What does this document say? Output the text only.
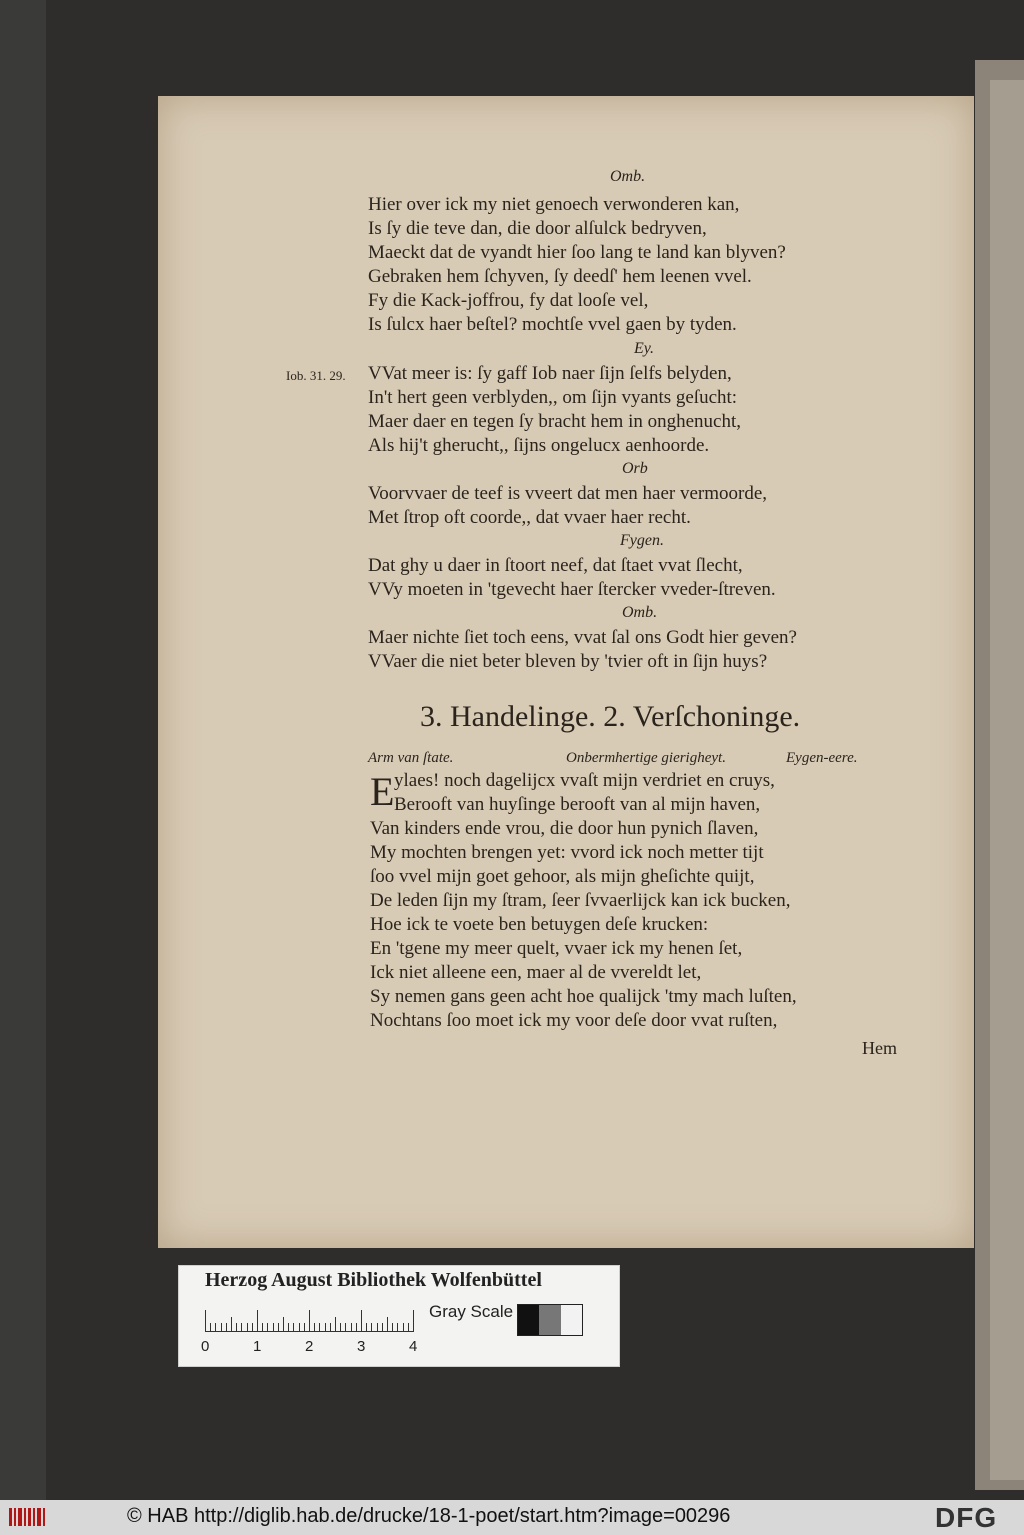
Omb.
Hier over ick my niet genoech verwonderen kan,
Is ſy die teve dan, die door alſulck bedryven,
Maeckt dat de vyandt hier ſoo lang te land kan blyven?
Gebraken hem ſchyven, ſy deedſ' hem leenen vvel.
Fy die Kack-joffrou, fy dat looſe vel,
Is ſulcx haer beſtel? mochtſe vvel gaen by tyden.
Ey.
Iob. 31. 29. VVat meer is: ſy gaff Iob naer ſijn ſelfs belyden,
In't hert geen verblyden,, om ſijn vyants geſucht:
Maer daer en tegen ſy bracht hem in onghenucht,
Als hij't gherucht,, ſijns ongelucx aenhoorde.
Orb
Voorvvaer de teef is vveert dat men haer vermoorde,
Met ſtrop oft coorde,, dat vvaer haer recht.
Fygen.
Dat ghy u daer in ſtoort neef, dat ſtaet vvat ſlecht,
VVy moeten in 'tgevecht haer ſtercker vveder-ſtreven.
Omb.
Maer nichte ſiet toch eens, vvat ſal ons Godt hier geven?
VVaer die niet beter bleven by 'tvier oft in ſijn huys?
3. Handelinge. 2. Verſchoninge.
Arm van ſtate.	Onbermhertige gierigheyt.	Eygen-eere.
E ylaes! noch dagelijcx vvaſt mijn verdriet en cruys,
Berooft van huyſinge berooft van al mijn haven,
Van kinders ende vrou, die door hun pynich ſlaven,
My mochten brengen yet: vvord ick noch metter tijt
ſoo vvel mijn goet gehoor, als mijn gheſichte quijt,
De leden ſijn my ſtram, ſeer ſvvaerlijck kan ick bucken,
Hoe ick te voete ben betuygen deſe krucken:
En 'tgene my meer quelt, vvaer ick my henen ſet,
Ick niet alleene een, maer al de vvereldt let,
Sy nemen gans geen acht hoe qualijck 'tmy mach luſten,
Nochtans ſoo moet ick my voor deſe door vvat ruſten,
Hem
Herzog August Bibliothek Wolfenbüttel
Gray Scale
0	1	2	3	4
© HAB http://diglib.hab.de/drucke/18-1-poet/start.htm?image=00296	DFG
